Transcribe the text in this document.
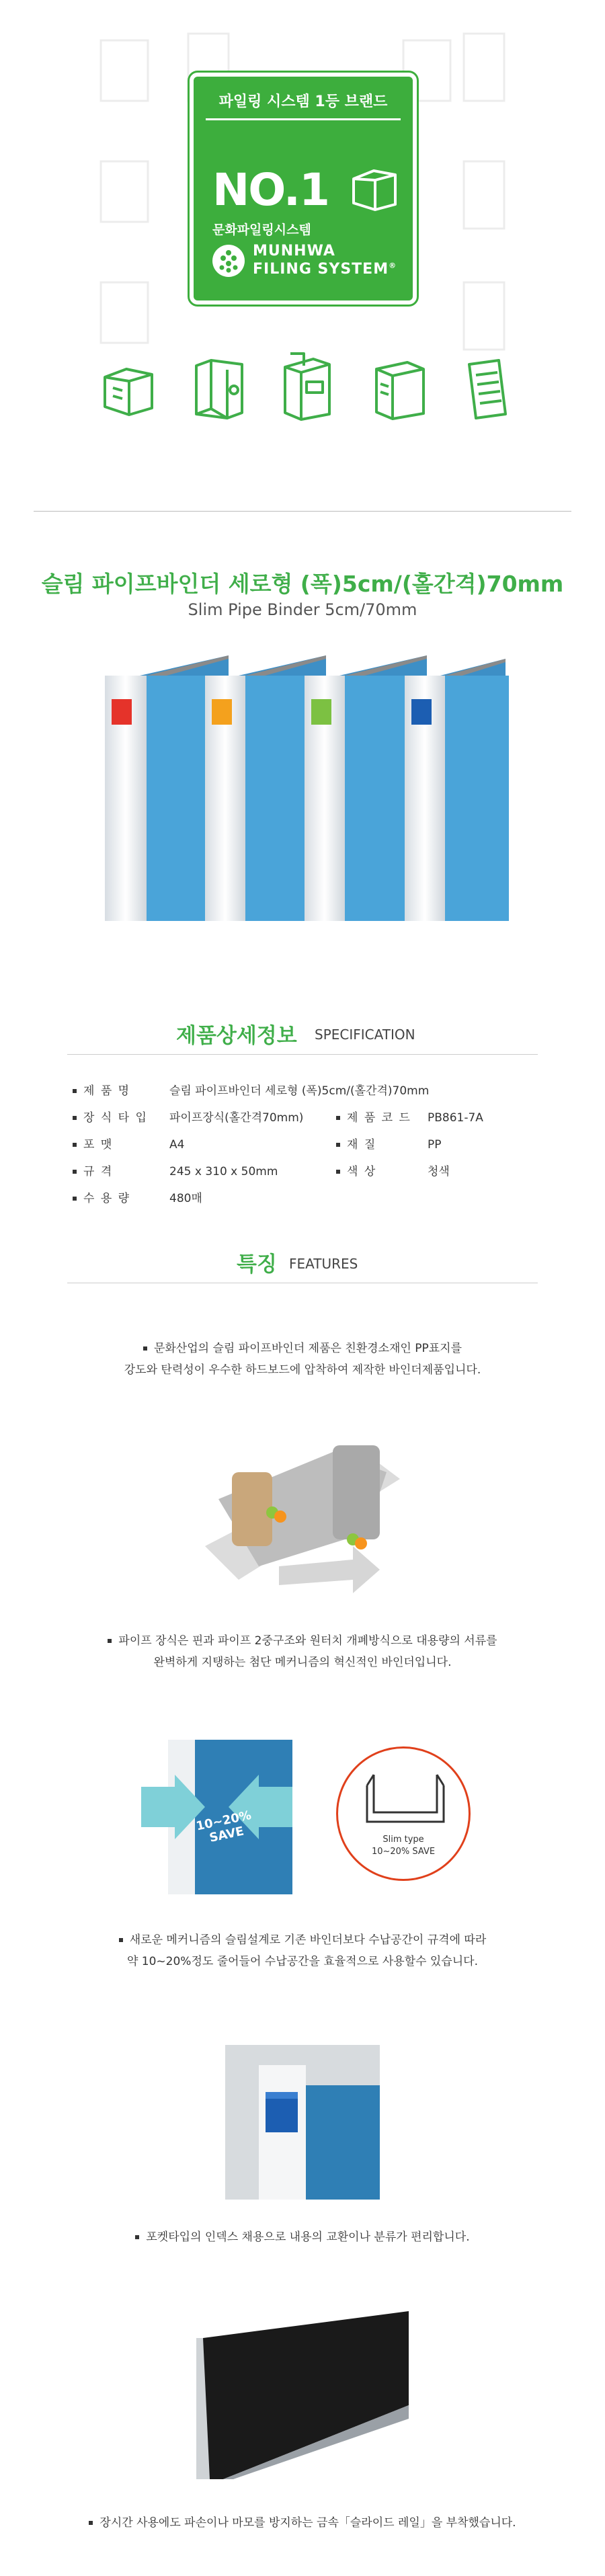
파일링 시스템 1등 브랜드
NO.1
문화파일링시스템
MUNHWA
FILING SYSTEM®
슬림 파이프바인더 세로형 (폭)5cm/(홀간격)70mm
Slim Pipe Binder 5cm/70mm
제품상세정보 SPECIFICATION
제 품 명	슬림 파이프바인더 세로형 (폭)5cm/(홀간격)70mm
장 식 타 입 파이프장식(홀간격70mm)	제 품 코 드 PB861-7A
포 맷	A4	재 질	PP
규 격	245 x 310 x 50mm	색 상	청색
수 용 량	480매
특징 FEATURES
문화산업의 슬림 파이프바인더 제품은 친환경소재인 PP표지를
강도와 탄력성이 우수한 하드보드에 압착하여 제작한 바인더제품입니다.
파이프 장식은 핀과 파이프 2중구조와 원터치 개폐방식으로 대용량의 서류를
완벽하게 지탱하는 첨단 메커니즘의 혁신적인 바인더입니다.
10~20% SAVE	Slim type
10~20% SAVE
새로운 메커니즘의 슬림설계로 기존 바인더보다 수납공간이 규격에 따라
약 10~20%정도 줄어들어 수납공간을 효율적으로 사용할수 있습니다.
포켓타입의 인덱스 채용으로 내용의 교환이나 분류가 편리합니다.
장시간 사용에도 파손이나 마모를 방지하는 금속「슬라이드 레일」을 부착했습니다.
